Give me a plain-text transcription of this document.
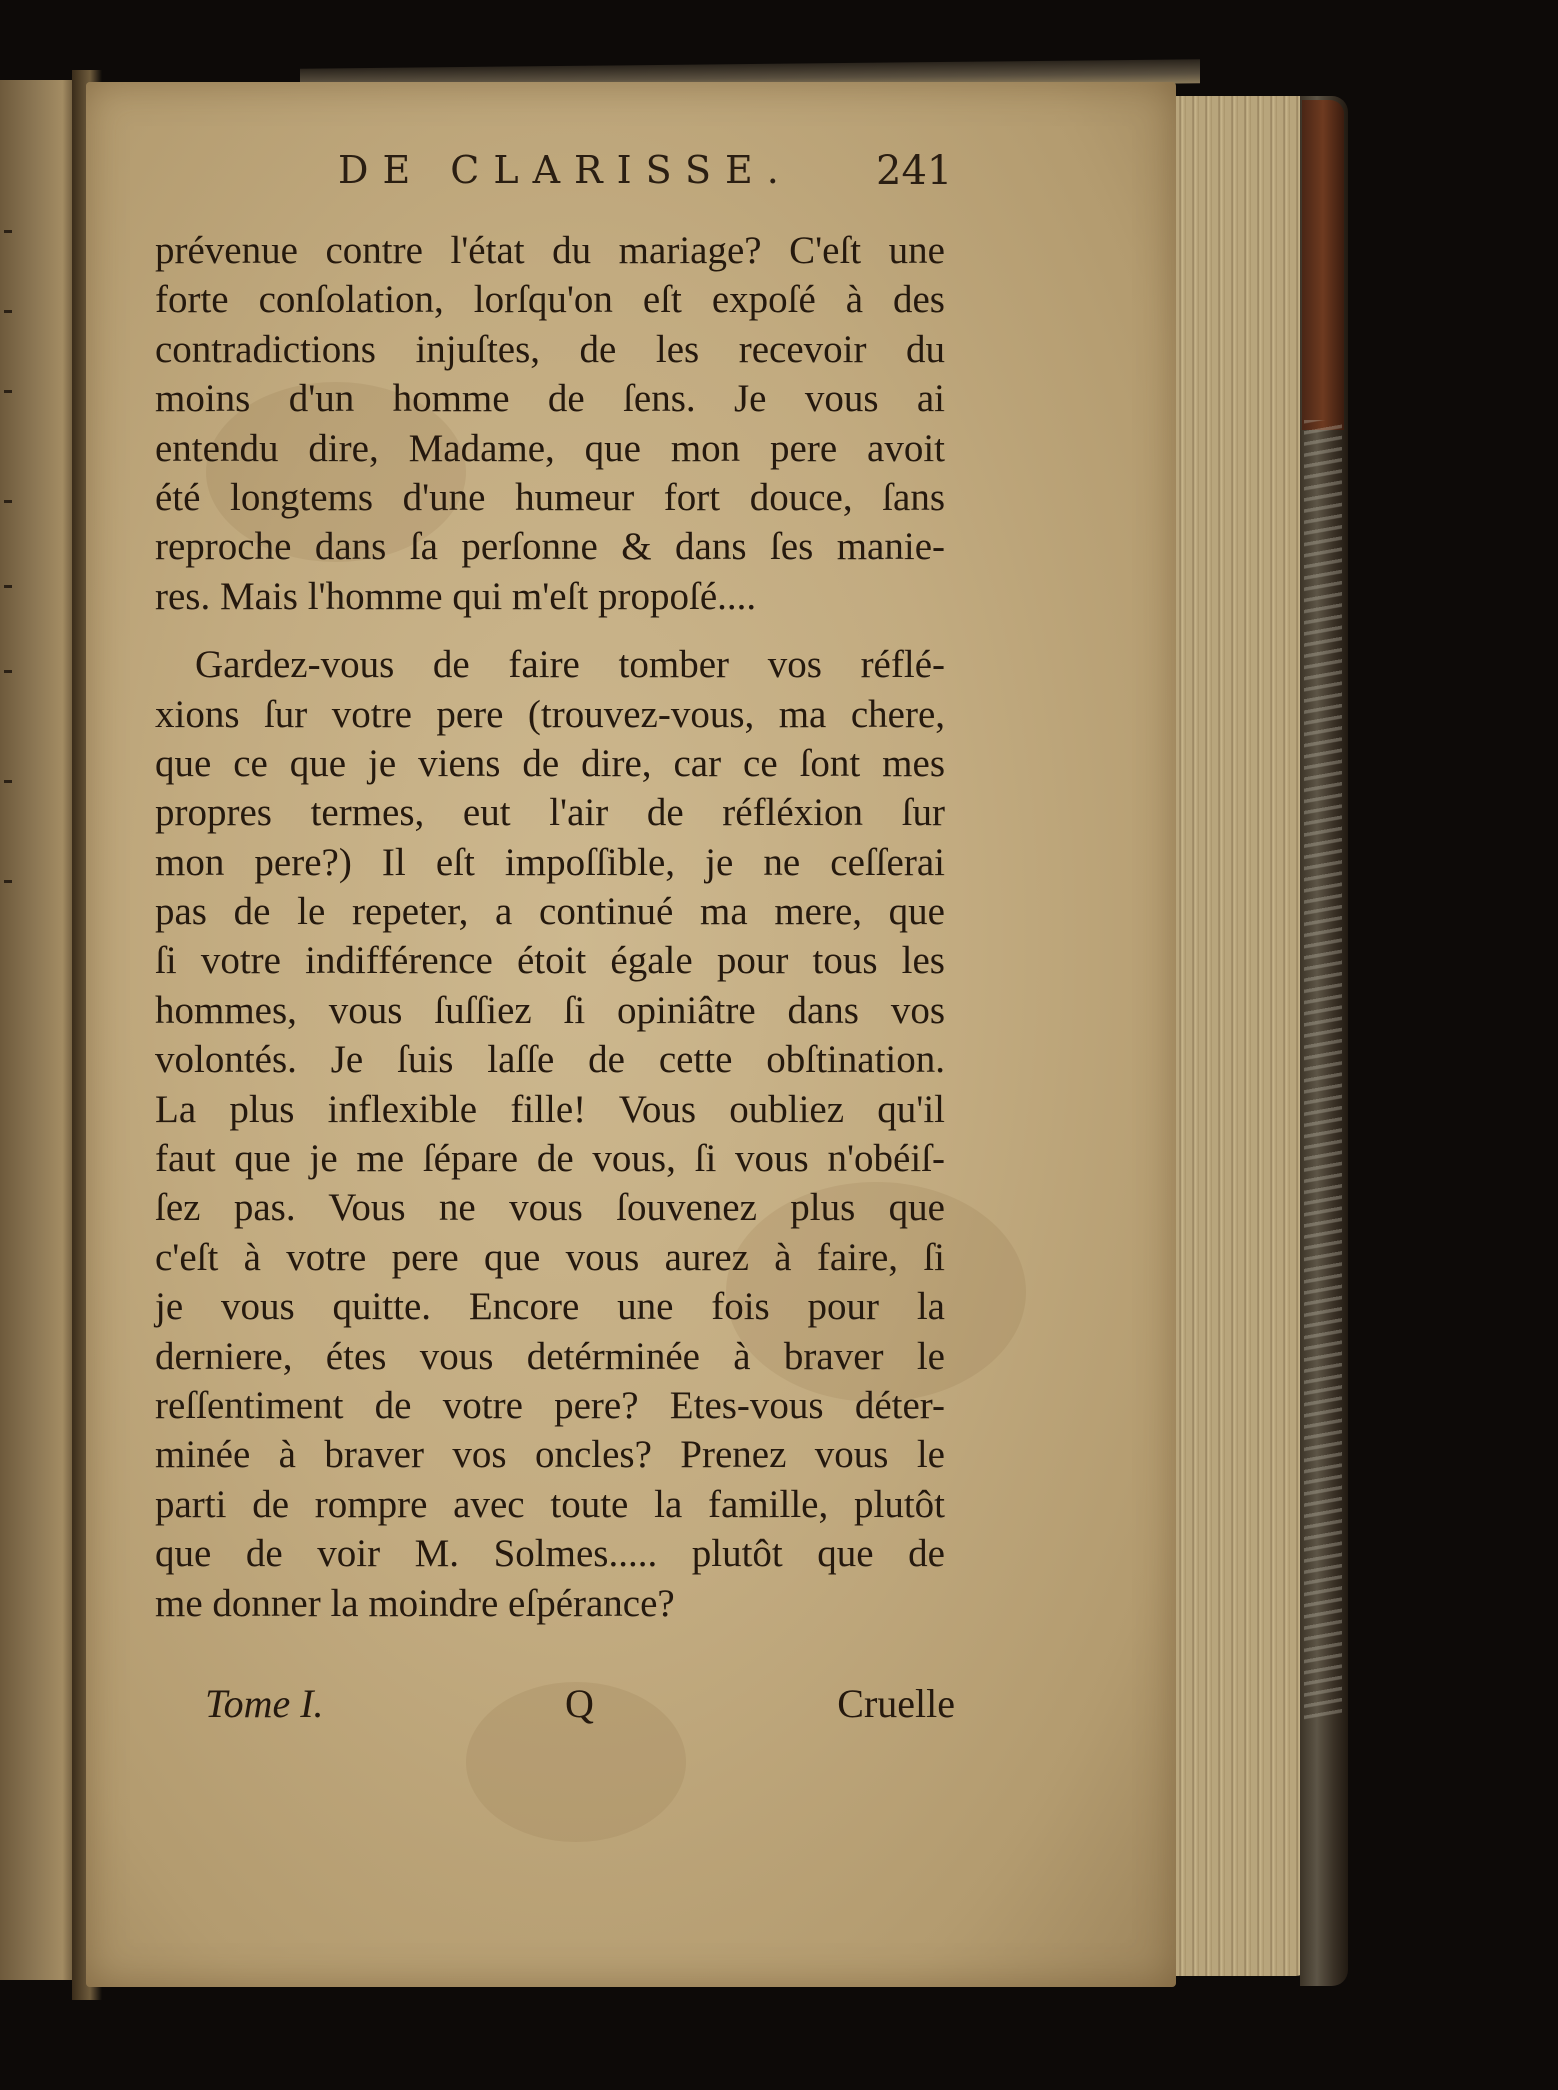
DE CLARISSE.	241
prévenue contre l'état du mariage? C'eſt une
forte conſolation, lorſqu'on eſt expoſé à des
contradictions injuſtes, de les recevoir du
moins d'un homme de ſens. Je vous ai
entendu dire, Madame, que mon pere avoit
été longtems d'une humeur fort douce, ſans
reproche dans ſa perſonne & dans ſes manie-
res. Mais l'homme qui m'eſt propoſé....
Gardez-vous de faire tomber vos réflé-
xions ſur votre pere (trouvez-vous, ma chere,
que ce que je viens de dire, car ce ſont mes
propres termes, eut l'air de réfléxion ſur
mon pere?) Il eſt impoſſible, je ne ceſſerai
pas de le repeter, a continué ma mere, que
ſi votre indifférence étoit égale pour tous les
hommes, vous ſuſſiez ſi opiniâtre dans vos
volontés. Je ſuis laſſe de cette obſtination.
La plus inflexible fille! Vous oubliez qu'il
faut que je me ſépare de vous, ſi vous n'obéiſ-
ſez pas. Vous ne vous ſouvenez plus que
c'eſt à votre pere que vous aurez à faire, ſi
je vous quitte. Encore une fois pour la
derniere, étes vous detérminée à braver le
reſſentiment de votre pere? Etes-vous déter-
minée à braver vos oncles? Prenez vous le
parti de rompre avec toute la famille, plutôt
que de voir M. Solmes..... plutôt que de
me donner la moindre eſpérance?
Tome I.	Q	Cruelle
